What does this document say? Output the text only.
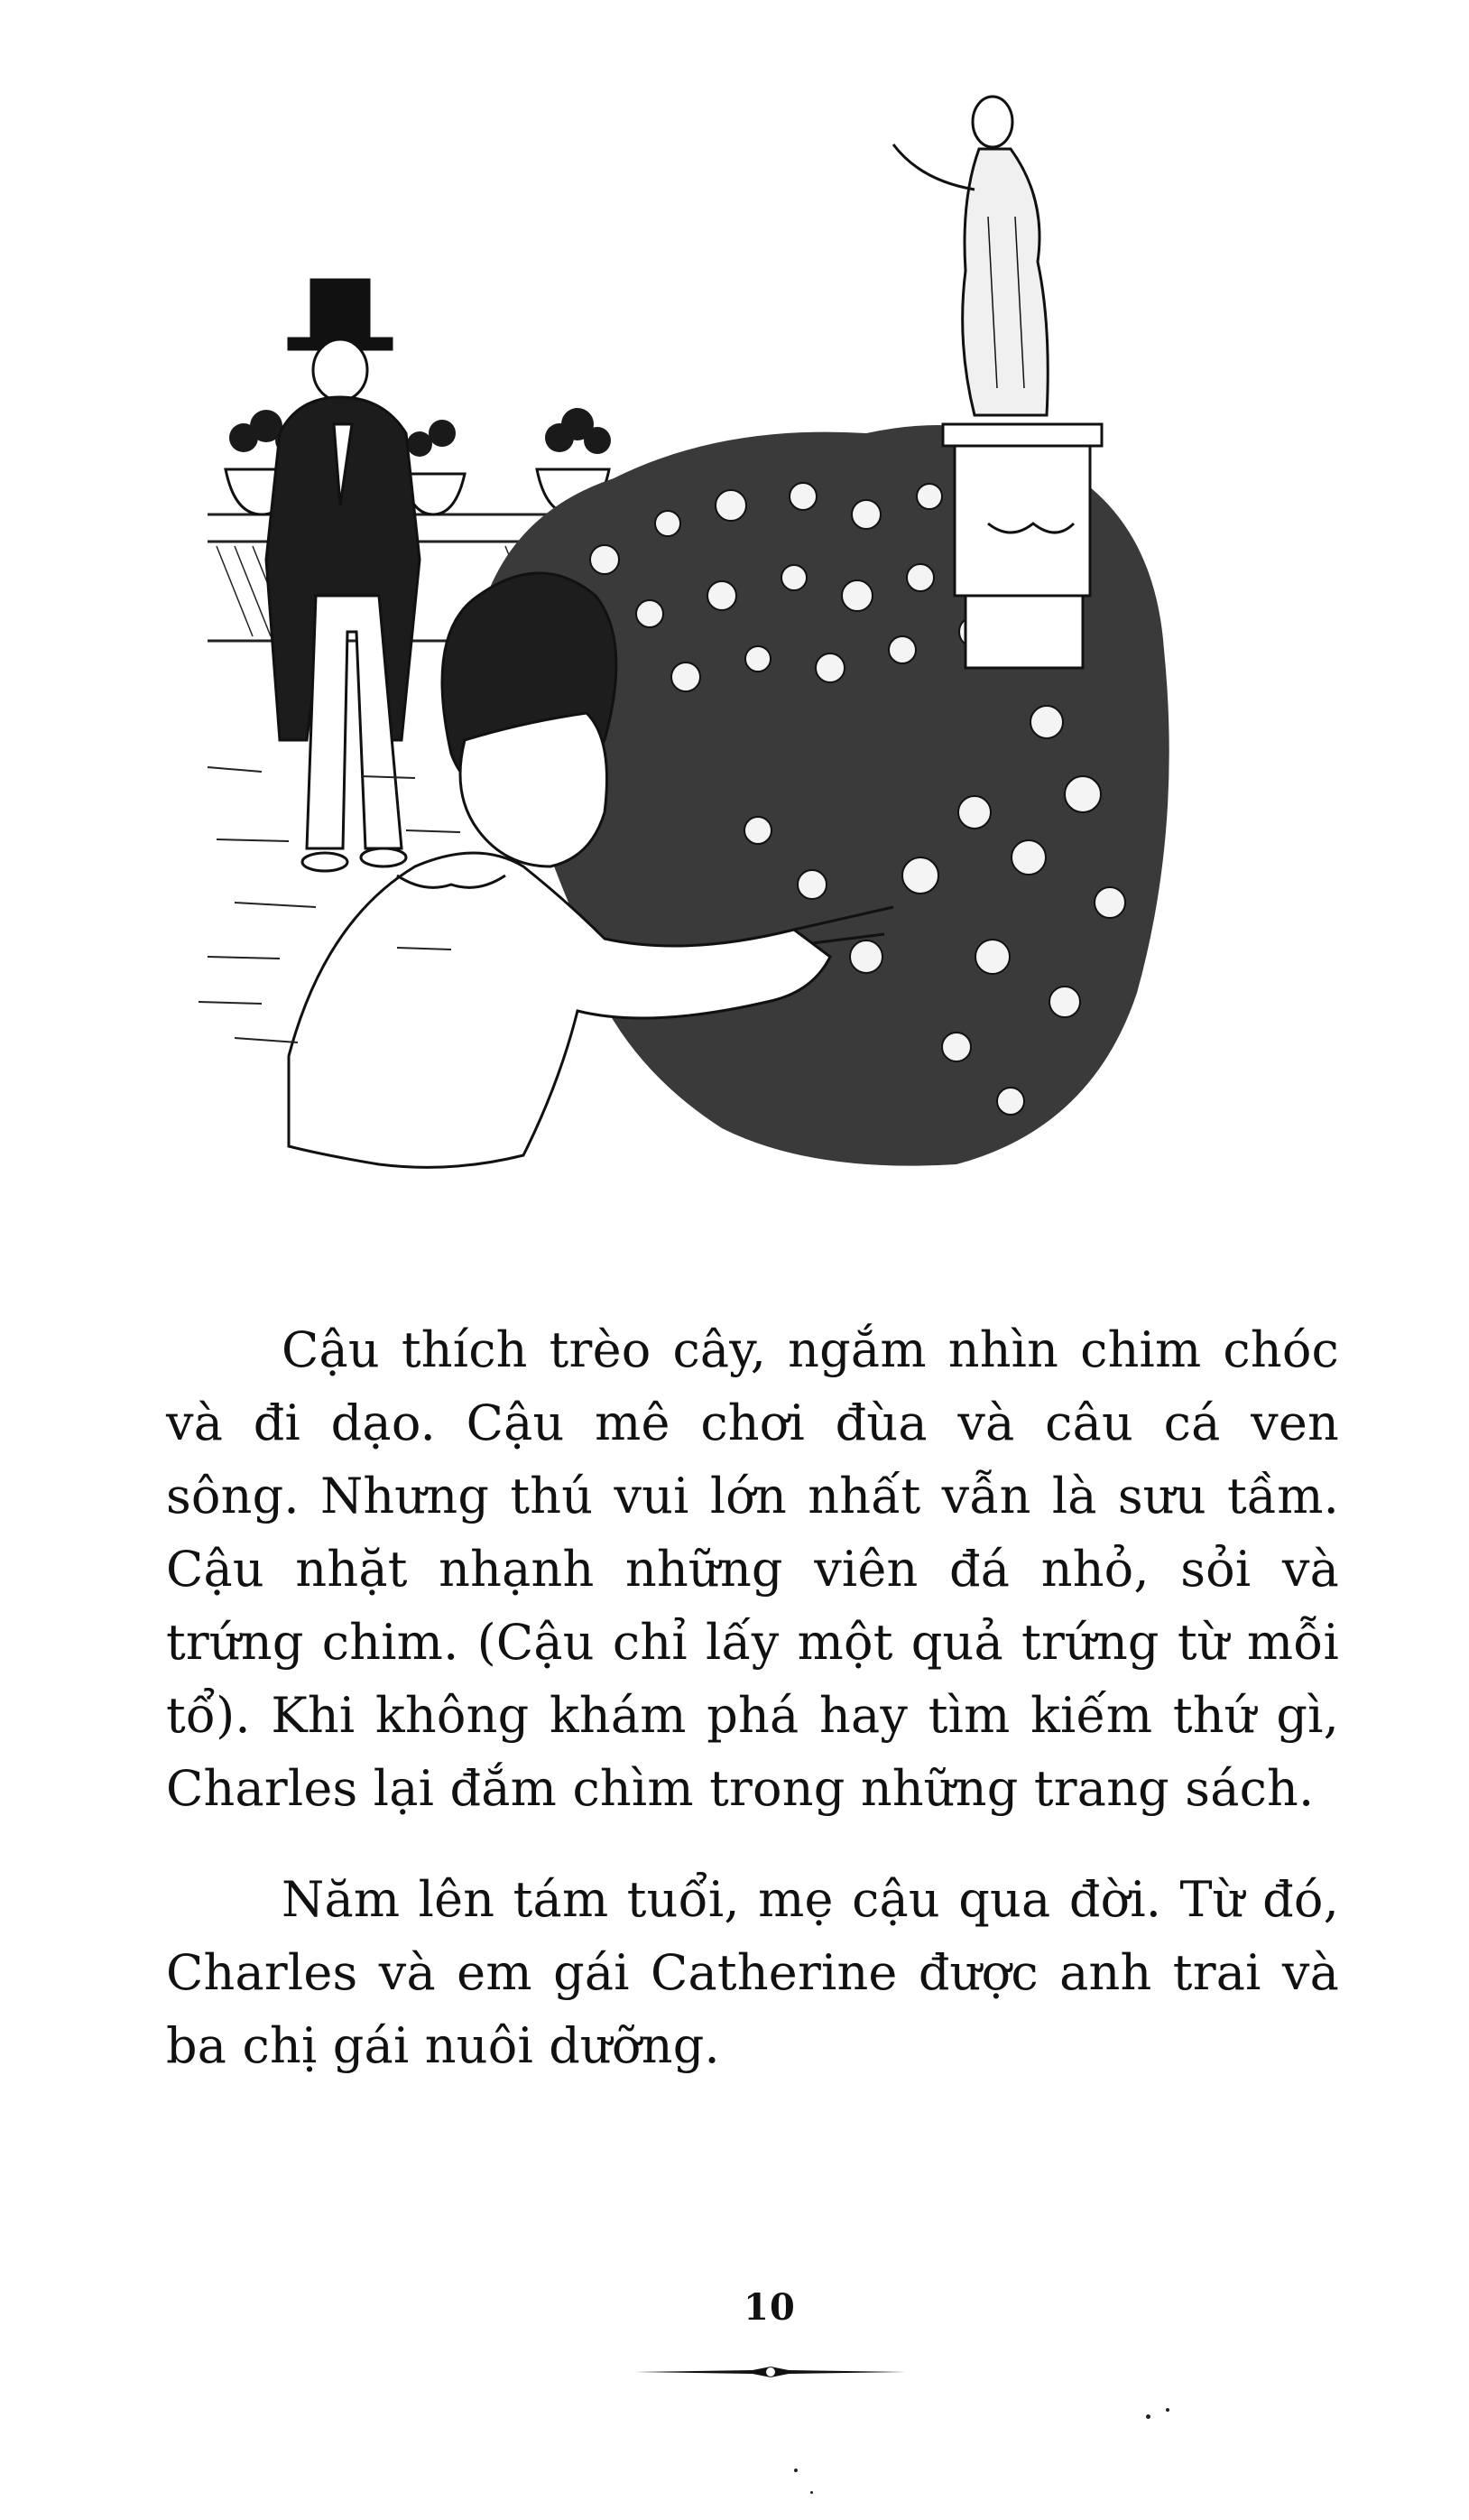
Cậu thích trèo cây, ngắm nhìn chim chóc và đi dạo. Cậu mê chơi đùa và câu cá ven sông. Nhưng thú vui lớn nhất vẫn là sưu tầm. Cậu nhặt nhạnh những viên đá nhỏ, sỏi và trứng chim. (Cậu chỉ lấy một quả trứng từ mỗi tổ). Khi không khám phá hay tìm kiếm thứ gì, Charles lại đắm chìm trong những trang sách.

Năm lên tám tuổi, mẹ cậu qua đời. Từ đó, Charles và em gái Catherine được anh trai và ba chị gái nuôi dưỡng.

10
